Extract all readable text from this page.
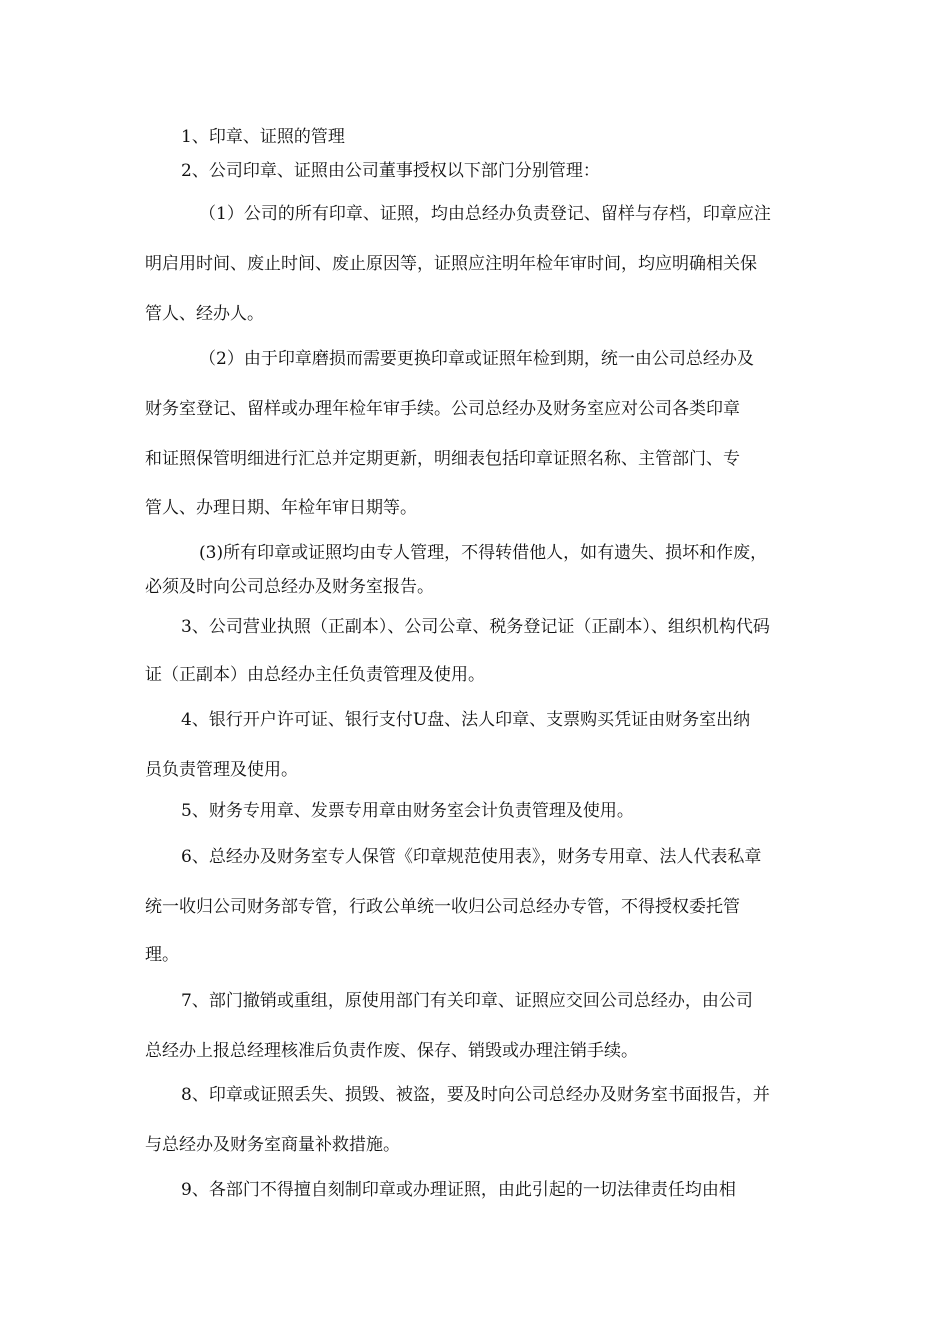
1、印章、证照的管理
2、公司印章、证照由公司董事授权以下部门分别管理：
（1）公司的所有印章、证照，均由总经办负责登记、留样与存档，印章应注
明启用时间、废止时间、废止原因等，证照应注明年检年审时间，均应明确相关保
管人、经办人。
（2）由于印章磨损而需要更换印章或证照年检到期，统一由公司总经办及
财务室登记、留样或办理年检年审手续。公司总经办及财务室应对公司各类印章
和证照保管明细进行汇总并定期更新，明细表包括印章证照名称、主管部门、专
管人、办理日期、年检年审日期等。
(3)所有印章或证照均由专人管理，不得转借他人，如有遗失、损坏和作废，
必须及时向公司总经办及财务室报告。
3、公司营业执照（正副本）、公司公章、税务登记证（正副本）、组织机构代码
证（正副本）由总经办主任负责管理及使用。
4、银行开户许可证、银行支付U盘、法人印章、支票购买凭证由财务室出纳
员负责管理及使用。
5、财务专用章、发票专用章由财务室会计负责管理及使用。
6、总经办及财务室专人保管《印章规范使用表》，财务专用章、法人代表私章
统一收归公司财务部专管，行政公单统一收归公司总经办专管，不得授权委托管
理。
7、部门撤销或重组，原使用部门有关印章、证照应交回公司总经办，由公司
总经办上报总经理核准后负责作废、保存、销毁或办理注销手续。
8、印章或证照丢失、损毁、被盗，要及时向公司总经办及财务室书面报告，并
与总经办及财务室商量补救措施。
9、各部门不得擅自刻制印章或办理证照，由此引起的一切法律责任均由相
